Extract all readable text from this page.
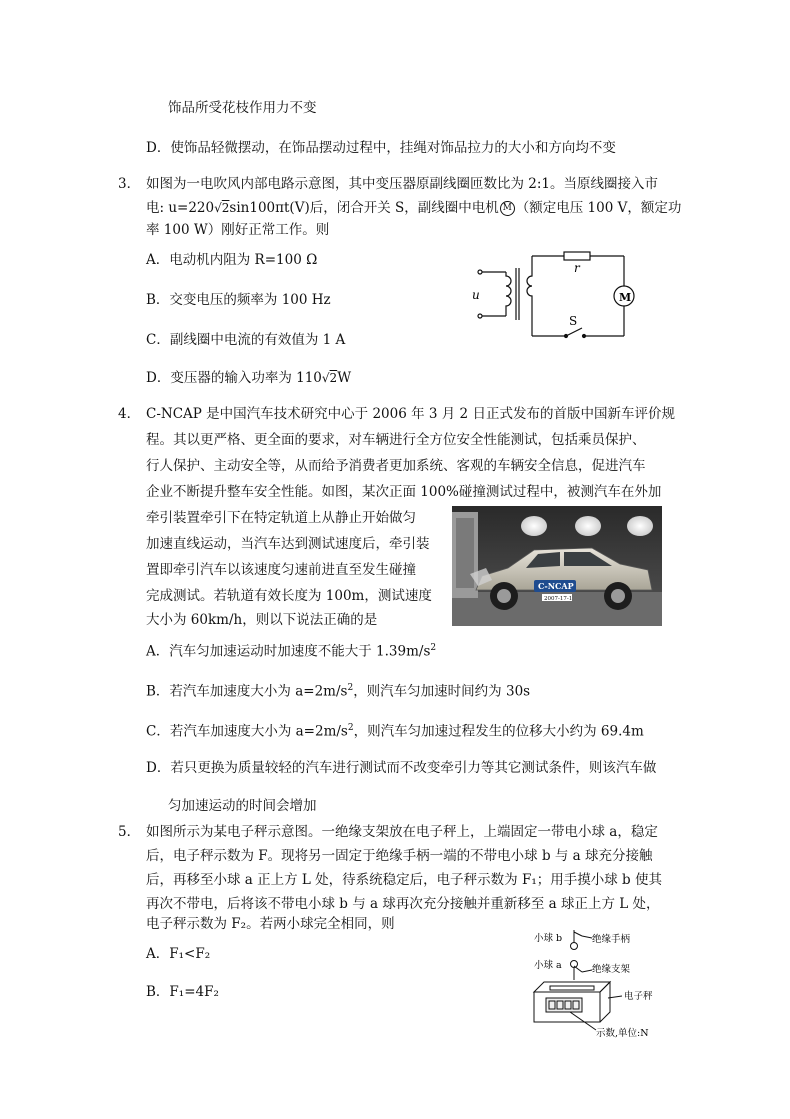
饰品所受花枝作用力不变
D．使饰品轻微摆动，在饰品摆动过程中，挂绳对饰品拉力的大小和方向均不变
3． 如图为一电吹风内部电路示意图，其中变压器原副线圈匝数比为 2:1。当原线圈接入市
电: u=220√2sin100πt(V)后，闭合开关 S，副线圈中电机 M （额定电压 100 V，额定功
率 100 W）刚好正常工作。则
A．电动机内阻为 R=100 Ω
B．交变电压的频率为 100 Hz
C．副线圈中电流的有效值为 1 A
D．变压器的输入功率为 110√2W
u
r
M
S
4． C-NCAP 是中国汽车技术研究中心于 2006 年 3 月 2 日正式发布的首版中国新车评价规
程。其以更严格、更全面的要求，对车辆进行全方位安全性能测试，包括乘员保护、
行人保护、主动安全等，从而给予消费者更加系统、客观的车辆安全信息，促进汽车
企业不断提升整车安全性能。如图，某次正面 100%碰撞测试过程中，被测汽车在外加
牵引装置牵引下在特定轨道上从静止开始做匀
加速直线运动，当汽车达到测试速度后，牵引装
置即牵引汽车以该速度匀速前进直至发生碰撞
完成测试。若轨道有效长度为 100m，测试速度
大小为 60km/h，则以下说法正确的是
C-NCAP
2007-17-1
A．汽车匀加速运动时加速度不能大于 $1.39m/s^2$
B．若汽车加速度大小为 $a=2m/s^2$，则汽车匀加速时间约为 30s
C．若汽车加速度大小为 $a=2m/s^2$，则汽车匀加速过程发生的位移大小约为 69.4m
D．若只更换为质量较轻的汽车进行测试而不改变牵引力等其它测试条件，则该汽车做
匀加速运动的时间会增加
5． 如图所示为某电子秤示意图。一绝缘支架放在电子秤上，上端固定一带电小球 a，稳定
后，电子秤示数为 F。现将另一固定于绝缘手柄一端的不带电小球 b 与 a 球充分接触
后，再移至小球 a 正上方 L 处，待系统稳定后，电子秤示数为 F₁；用手摸小球 b 使其
再次不带电，后将该不带电小球 b 与 a 球再次充分接触并重新移至 a 球正上方 L 处，
电子秤示数为 F₂。若两小球完全相同，则
A．F₁<F₂
B．F₁=4F₂
小球 b	绝缘手柄
小球 a	绝缘支架
电子秤
示数,单位:N
